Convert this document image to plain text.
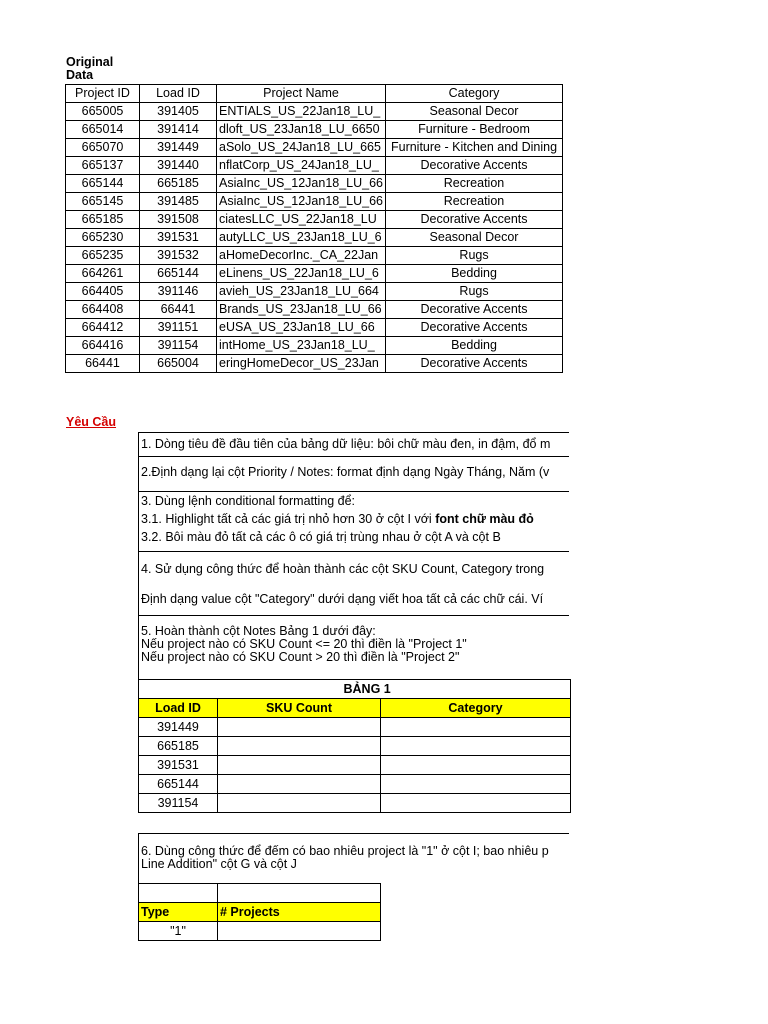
Original
Data
Project ID	Load ID	Project Name	Category
665005	391405	ENTIALS_US_22Jan18_LU_	Seasonal Decor
665014	391414	dloft_US_23Jan18_LU_6650	Furniture - Bedroom
665070	391449	aSolo_US_24Jan18_LU_665	Furniture - Kitchen and Dining
665137	391440	nflatCorp_US_24Jan18_LU_	Decorative Accents
665144	665185	AsiaInc_US_12Jan18_LU_66	Recreation
665145	391485	AsiaInc_US_12Jan18_LU_66	Recreation
665185	391508	ciatesLLC_US_22Jan18_LU	Decorative Accents
665230	391531	autyLLC_US_23Jan18_LU_6	Seasonal Decor
665235	391532	aHomeDecorInc._CA_22Jan	Rugs
664261	665144	eLinens_US_22Jan18_LU_6	Bedding
664405	391146	avieh_US_23Jan18_LU_664	Rugs
664408	66441	Brands_US_23Jan18_LU_66	Decorative Accents
664412	391151	eUSA_US_23Jan18_LU_66	Decorative Accents
664416	391154	intHome_US_23Jan18_LU_	Bedding
66441	665004	eringHomeDecor_US_23Jan	Decorative Accents
Yêu Cầu
1. Dòng tiêu đề đầu tiên của bảng dữ liệu: bôi chữ màu đen, in đậm, đổ m
2.Định dạng lại cột Priority / Notes: format định dạng Ngày Tháng, Năm (v
3. Dùng lệnh conditional formatting để:
3.1. Highlight tất cả các giá trị nhỏ hơn 30 ở cột I với font chữ màu đỏ
3.2. Bôi màu đỏ tất cả các ô có giá trị trùng nhau ở cột A và cột B
4. Sử dụng công thức để hoàn thành các cột SKU Count, Category trong
Định dạng value cột "Category" dưới dạng viết hoa tất cả các chữ cái. Ví
5. Hoàn thành cột Notes Bảng 1 dưới đây:
Nếu project nào có SKU Count <= 20 thì điền là "Project 1"
Nếu project nào có SKU Count > 20 thì điền là "Project 2"
	BẢNG 1	
Load ID	SKU Count	Category
391449		
665185		
391531		
665144		
391154		
6. Dùng công thức để đếm có bao nhiêu project là "1" ở cột I; bao nhiêu p
Line Addition" cột G và cột J

Type	# Projects
"1"	
